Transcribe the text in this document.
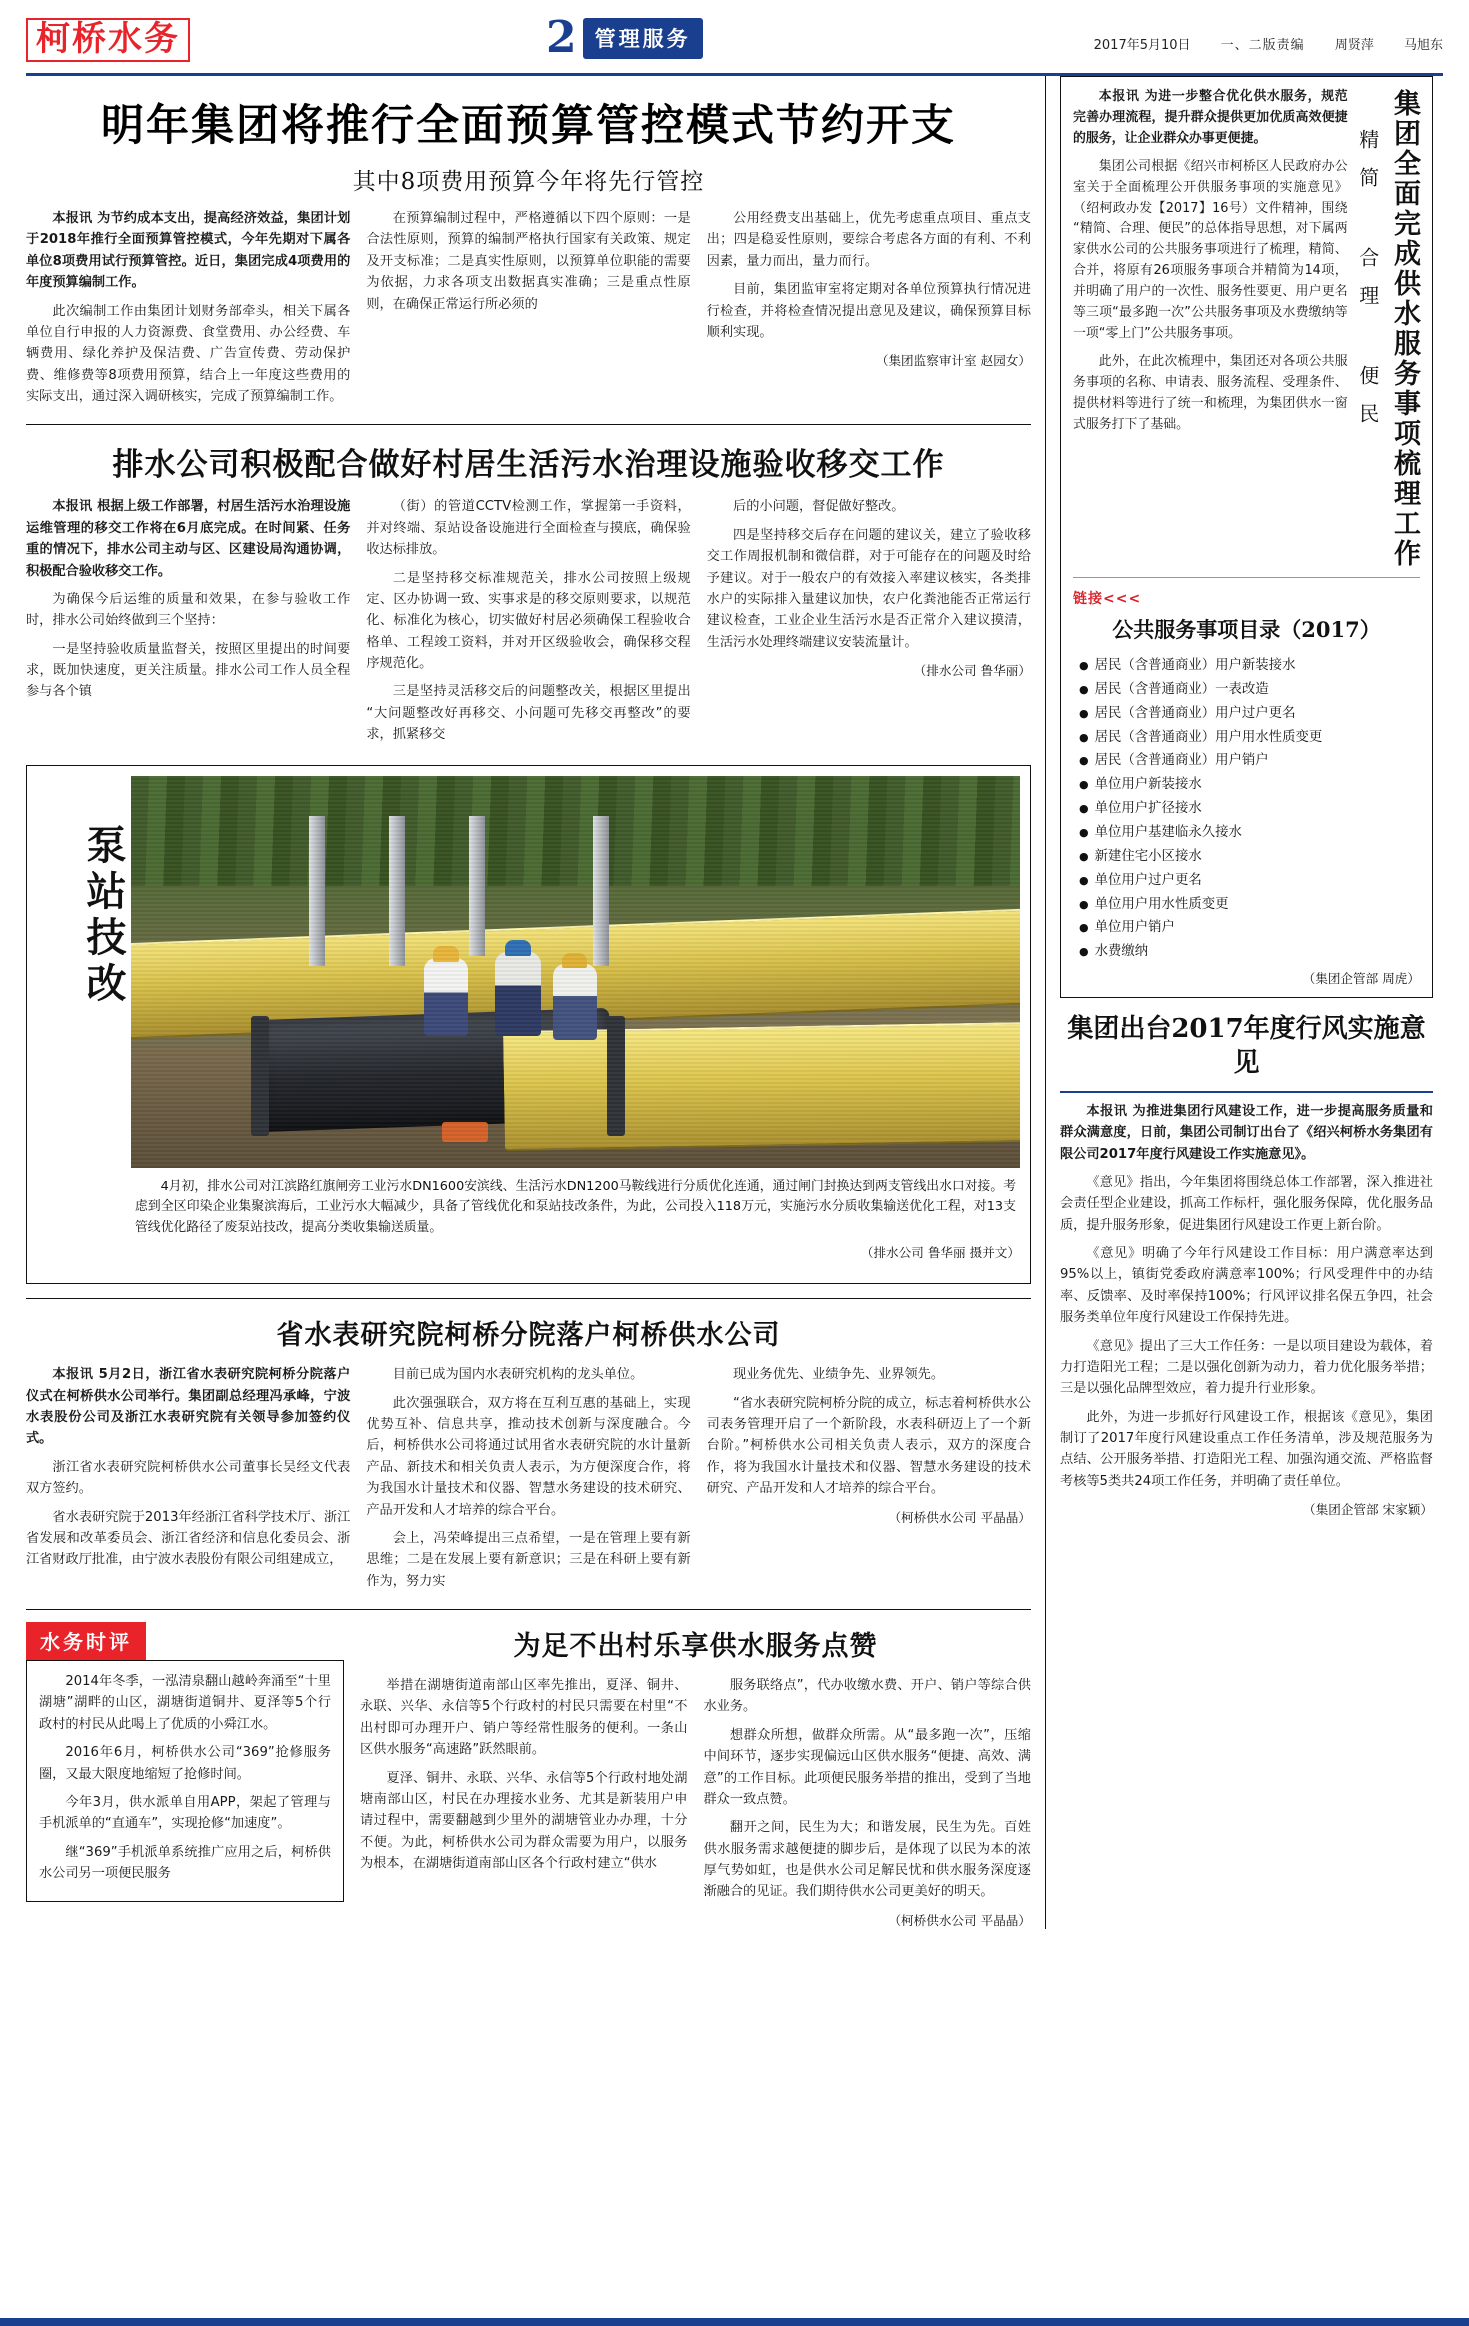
柯桥水务	2 管理服务	2017年5月10日 一、二版责编 周贤萍 马旭东
明年集团将推行全面预算管控模式节约开支
其中8项费用预算今年将先行管控

本报讯 为节约成本支出，提高经济效益，集团计划于2018年推行全面预算管控模式，今年先期对下属各单位8项费用试行预算管控。近日，集团完成4项费用的年度预算编制工作。

此次编制工作由集团计划财务部牵头，相关下属各单位自行申报的人力资源费、食堂费用、办公经费、车辆费用、绿化养护及保洁费、广告宣传费、劳动保护费、维修费等8项费用预算，结合上一年度这些费用的实际支出，通过深入调研核实，完成了预算编制工作。

在预算编制过程中，严格遵循以下四个原则：一是合法性原则，预算的编制严格执行国家有关政策、规定及开支标准；二是真实性原则，以预算单位职能的需要为依据，力求各项支出数据真实准确；三是重点性原则，在确保正常运行所必须的

公用经费支出基础上，优先考虑重点项目、重点支出；四是稳妥性原则，要综合考虑各方面的有利、不利因素，量力而出，量力而行。

目前，集团监审室将定期对各单位预算执行情况进行检查，并将检查情况提出意见及建议，确保预算目标顺利实现。

（集团监察审计室 赵园女）

排水公司积极配合做好村居生活污水治理设施验收移交工作

本报讯 根据上级工作部署，村居生活污水治理设施运维管理的移交工作将在6月底完成。在时间紧、任务重的情况下，排水公司主动与区、区建设局沟通协调，积极配合验收移交工作。

为确保今后运维的质量和效果，在参与验收工作时，排水公司始终做到三个坚持：

一是坚持验收质量监督关，按照区里提出的时间要求，既加快速度，更关注质量。排水公司工作人员全程参与各个镇

（街）的管道CCTV检测工作，掌握第一手资料，并对终端、泵站设备设施进行全面检查与摸底，确保验收达标排放。

二是坚持移交标准规范关，排水公司按照上级规定、区办协调一致、实事求是的移交原则要求，以规范化、标准化为核心，切实做好村居必须确保工程验收合格单、工程竣工资料，并对开区级验收会，确保移交程序规范化。

三是坚持灵活移交后的问题整改关，根据区里提出“大问题整改好再移交、小问题可先移交再整改”的要求，抓紧移交

后的小问题，督促做好整改。

四是坚持移交后存在问题的建议关，建立了验收移交工作周报机制和微信群，对于可能存在的问题及时给予建议。对于一般农户的有效接入率建议核实，各类排水户的实际排入量建议加快，农户化粪池能否正常运行建议检查，工业企业生活污水是否正常介入建议摸清，生活污水处理终端建议安装流量计。

（排水公司 鲁华丽）

泵站技改

4月初，排水公司对江滨路红旗闸旁工业污水DN1600安滨线、生活污水DN1200马鞍线进行分质优化连通，通过闸门封换达到两支管线出水口对接。考虑到全区印染企业集聚滨海后，工业污水大幅减少，具备了管线优化和泵站技改条件，为此，公司投入118万元，实施污水分质收集输送优化工程，对13支管线优化路径了废泵站技改，提高分类收集输送质量。

（排水公司 鲁华丽 摄并文）

省水表研究院柯桥分院落户柯桥供水公司

本报讯 5月2日，浙江省水表研究院柯桥分院落户仪式在柯桥供水公司举行。集团副总经理冯承峰，宁波水表股份公司及浙江水表研究院有关领导参加签约仪式。

浙江省水表研究院柯桥供水公司董事长吴经文代表双方签约。

省水表研究院于2013年经浙江省科学技术厅、浙江省发展和改革委员会、浙江省经济和信息化委员会、浙江省财政厅批准，由宁波水表股份有限公司组建成立，

目前已成为国内水表研究机构的龙头单位。

此次强强联合，双方将在互利互惠的基础上，实现优势互补、信息共享，推动技术创新与深度融合。今后，柯桥供水公司将通过试用省水表研究院的水计量新产品、新技术和相关负责人表示，为方便深度合作，将为我国水计量技术和仪器、智慧水务建设的技术研究、产品开发和人才培养的综合平台。

会上，冯荣峰提出三点希望，一是在管理上要有新思维；二是在发展上要有新意识；三是在科研上要有新作为，努力实

现业务优先、业绩争先、业界领先。

“省水表研究院柯桥分院的成立，标志着柯桥供水公司表务管理开启了一个新阶段，水表科研迈上了一个新台阶。”柯桥供水公司相关负责人表示，双方的深度合作，将为我国水计量技术和仪器、智慧水务建设的技术研究、产品开发和人才培养的综合平台。

（柯桥供水公司 平晶晶）

水务时评

2014年冬季，一泓清泉翻山越岭奔涌至“十里湖塘”湖畔的山区，湖塘街道铜井、夏泽等5个行政村的村民从此喝上了优质的小舜江水。

2016年6月，柯桥供水公司“369”抢修服务圈，又最大限度地缩短了抢修时间。

今年3月，供水派单自用APP，架起了管理与手机派单的“直通车”，实现抢修“加速度”。

继“369”手机派单系统推广应用之后，柯桥供水公司另一项便民服务

为足不出村乐享供水服务点赞

举措在湖塘街道南部山区率先推出，夏泽、铜井、永联、兴华、永信等5个行政村的村民只需要在村里“不出村即可办理开户、销户等经常性服务的便利。一条山区供水服务“高速路”跃然眼前。

夏泽、铜井、永联、兴华、永信等5个行政村地处湖塘南部山区，村民在办理接水业务、尤其是新装用户申请过程中，需要翻越到少里外的湖塘管业办办理，十分不便。为此，柯桥供水公司为群众需要为用户，以服务为根本，在湖塘街道南部山区各个行政村建立“供水

服务联络点”，代办收缴水费、开户、销户等综合供水业务。

想群众所想，做群众所需。从“最多跑一次”，压缩中间环节，逐步实现偏远山区供水服务“便捷、高效、满意”的工作目标。此项便民服务举措的推出，受到了当地群众一致点赞。

翻开之间，民生为大；和谐发展，民生为先。百姓供水服务需求越便捷的脚步后，是体现了以民为本的浓厚气势如虹，也是供水公司足解民忧和供水服务深度逐渐融合的见证。我们期待供水公司更美好的明天。

（柯桥供水公司 平晶晶）

本报讯 为进一步整合优化供水服务，规范完善办理流程，提升群众提供更加优质高效便捷的服务，让企业群众办事更便捷。

集团公司根据《绍兴市柯桥区人民政府办公室关于全面梳理公开供服务事项的实施意见》（绍柯政办发【2017】16号）文件精神，围绕“精简、合理、便民”的总体指导思想，对下属两家供水公司的公共服务事项进行了梳理，精简、合并，将原有26项服务事项合并精简为14项，并明确了用户的一次性、服务性要更、用户更名等三项“最多跑一次”公共服务事项及水费缴纳等一项“零上门”公共服务事项。

此外，在此次梳理中，集团还对各项公共服务事项的名称、申请表、服务流程、受理条件、提供材料等进行了统一和梳理，为集团供水一窗式服务打下了基础。	精简 合理 便民 集团全面完成供水服务事项梳理工作
链接<<<
公共服务事项目录（2017）
● 居民（含普通商业）用户新装接水
● 居民（含普通商业）一表改造
● 居民（含普通商业）用户过户更名
● 居民（含普通商业）用户用水性质变更
● 居民（含普通商业）用户销户
● 单位用户新装接水
● 单位用户扩径接水
● 单位用户基建临永久接水
● 新建住宅小区接水
● 单位用户过户更名
● 单位用户用水性质变更
● 单位用户销户
● 水费缴纳

（集团企管部 周虎）

集团出台2017年度行风实施意见

本报讯 为推进集团行风建设工作，进一步提高服务质量和群众满意度，日前，集团公司制订出台了《绍兴柯桥水务集团有限公司2017年度行风建设工作实施意见》。

《意见》指出，今年集团将围绕总体工作部署，深入推进社会责任型企业建设，抓高工作标杆，强化服务保障，优化服务品质，提升服务形象，促进集团行风建设工作更上新台阶。

《意见》明确了今年行风建设工作目标：用户满意率达到95%以上，镇街党委政府满意率100%；行风受理件中的办结率、反馈率、及时率保持100%；行风评议排名保五争四，社会服务类单位年度行风建设工作保持先进。

《意见》提出了三大工作任务：一是以项目建设为载体，着力打造阳光工程；二是以强化创新为动力，着力优化服务举措；三是以强化品牌型效应，着力提升行业形象。

此外，为进一步抓好行风建设工作，根据该《意见》，集团制订了2017年度行风建设重点工作任务清单，涉及规范服务为点结、公开服务举措、打造阳光工程、加强沟通交流、严格监督考核等5类共24项工作任务，并明确了责任单位。

（集团企管部 宋家颖）
